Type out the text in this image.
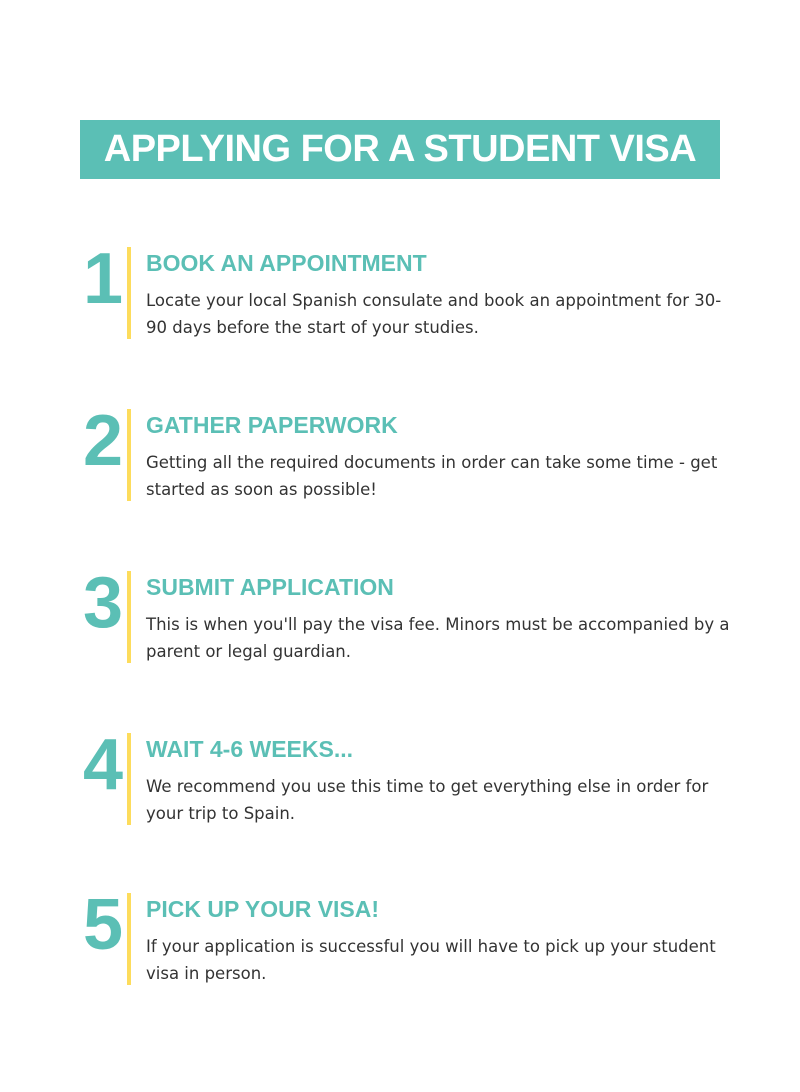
APPLYING FOR A STUDENT VISA
1 BOOK AN APPOINTMENT
Locate your local Spanish consulate and book an appointment for 30-90 days before the start of your studies.
2 GATHER PAPERWORK
Getting all the required documents in order can take some time - get started as soon as possible!
3 SUBMIT APPLICATION
This is when you'll pay the visa fee. Minors must be accompanied by a parent or legal guardian.
4 WAIT 4-6 WEEKS...
We recommend you use this time to get everything else in order for your trip to Spain.
5 PICK UP YOUR VISA!
If your application is successful you will have to pick up your student visa in person.
